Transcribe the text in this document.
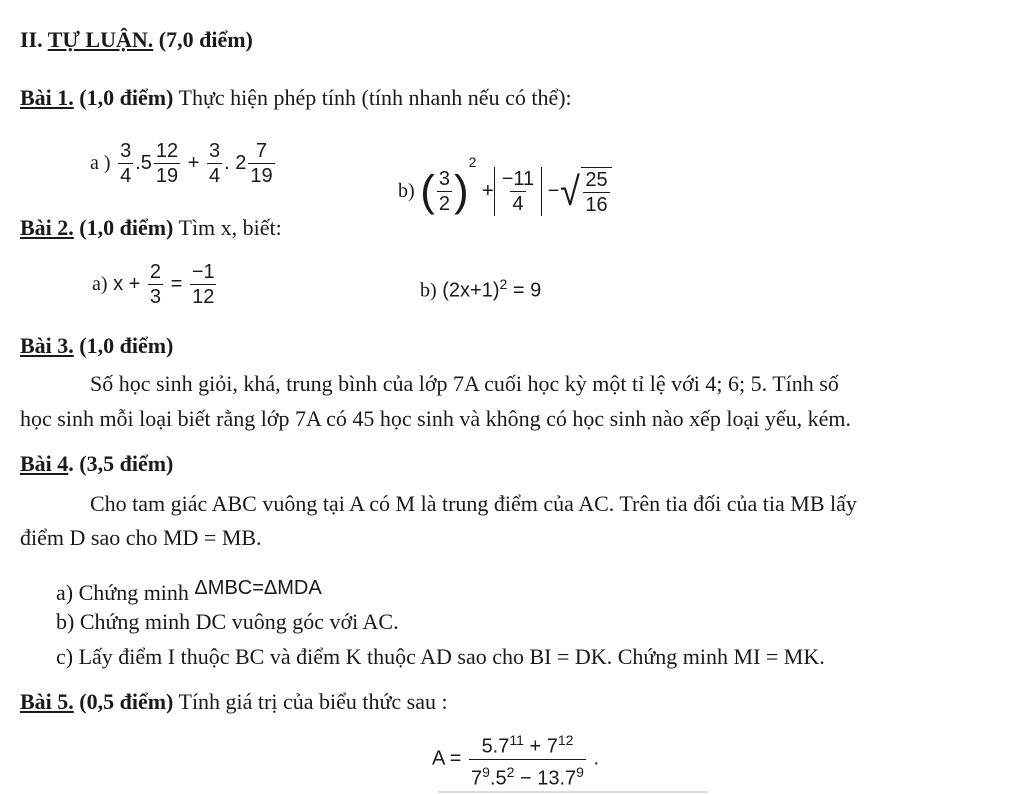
II. TỰ LUẬN. (7,0 điểm)
Bài 1. (1,0 điểm) Thực hiện phép tính (tính nhanh nếu có thể):
a ) $\frac{3}{4} .5 \frac{12}{19} + \frac{3}{4}$ . $2 \frac{7}{19}$
b) ( $\frac{3}{2} )^2 + \frac{-11}{4}$ − √ $\frac{25}{16}$
Bài 2. (1,0 điểm) Tìm x, biết:
a) $x + \frac{2}{3} = \frac{-1}{12}$	b) $(2x+1)^2 = 9$
Bài 3. (1,0 điểm)
Số học sinh giỏi, khá, trung bình của lớp 7A cuối học kỳ một tỉ lệ với 4; 6; 5. Tính số
học sinh mỗi loại biết rằng lớp 7A có 45 học sinh và không có học sinh nào xếp loại yếu, kém.
Bài 4. (3,5 điểm)
Cho tam giác ABC vuông tại A có M là trung điểm của AC. Trên tia đối của tia MB lấy
điểm D sao cho MD = MB.
a) Chứng minh ΔMBC=ΔMDA
b) Chứng minh DC vuông góc với AC.
c) Lấy điểm I thuộc BC và điểm K thuộc AD sao cho BI = DK. Chứng minh MI = MK.
Bài 5. (0,5 điểm) Tính giá trị của biểu thức sau :
$A = \frac{5.7^{11} + 7^{12}}{7^9.5^2 - 13.7^9}$ .
